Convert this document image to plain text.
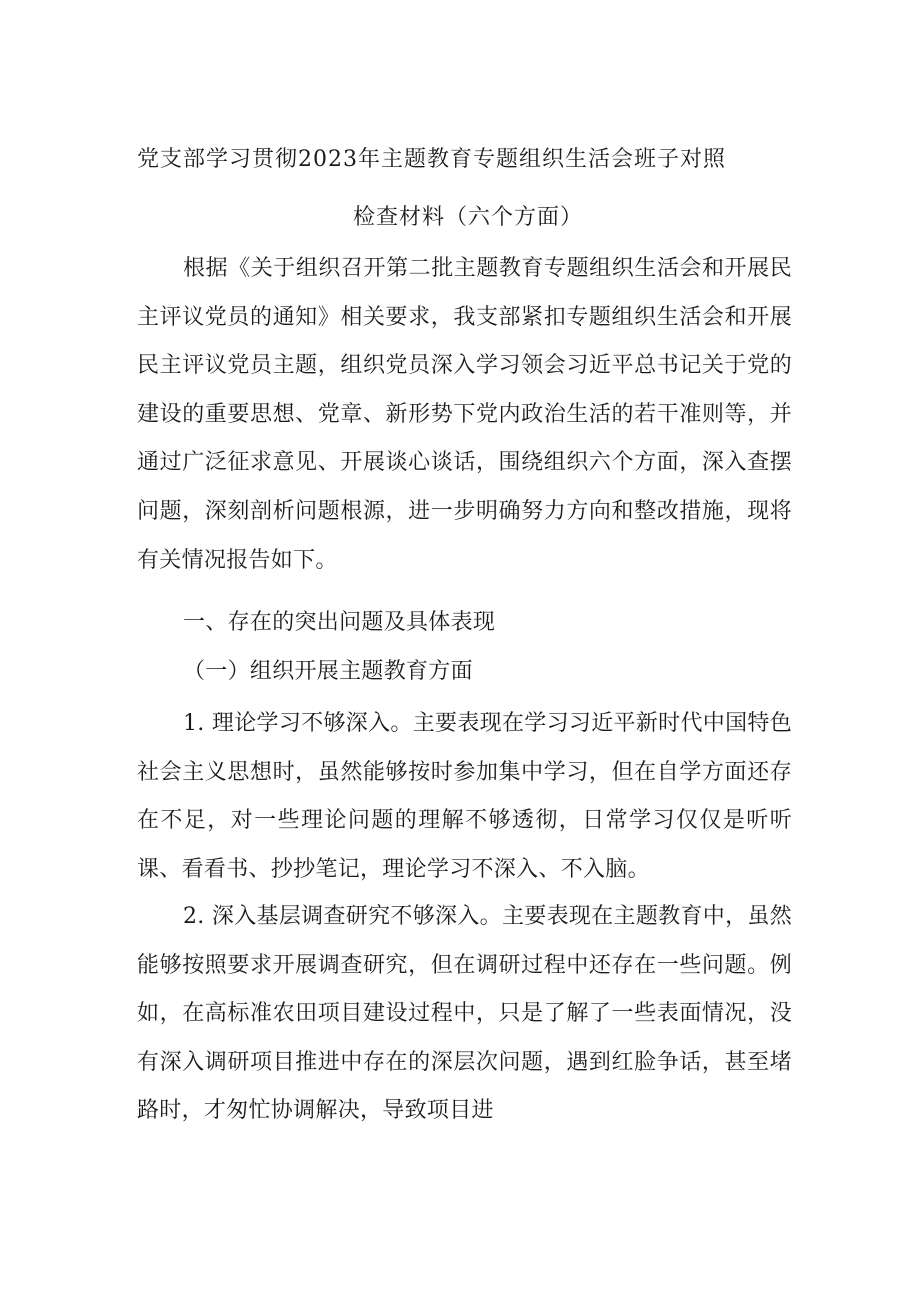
党支部学习贯彻2023年主题教育专题组织生活会班子对照
检查材料（六个方面）
根据《关于组织召开第二批主题教育专题组织生活会和开展民主评议党员的通知》相关要求，我支部紧扣专题组织生活会和开展民主评议党员主题，组织党员深入学习领会习近平总书记关于党的建设的重要思想、党章、新形势下党内政治生活的若干准则等，并通过广泛征求意见、开展谈心谈话，围绕组织六个方面，深入查摆问题，深刻剖析问题根源，进一步明确努力方向和整改措施，现将有关情况报告如下。
一、存在的突出问题及具体表现
（一）组织开展主题教育方面
1. 理论学习不够深入。主要表现在学习习近平新时代中国特色社会主义思想时，虽然能够按时参加集中学习，但在自学方面还存在不足，对一些理论问题的理解不够透彻，日常学习仅仅是听听课、看看书、抄抄笔记，理论学习不深入、不入脑。
2. 深入基层调查研究不够深入。主要表现在主题教育中，虽然能够按照要求开展调查研究，但在调研过程中还存在一些问题。例如，在高标准农田项目建设过程中，只是了解了一些表面情况，没有深入调研项目推进中存在的深层次问题，遇到红脸争话，甚至堵路时，才匆忙协调解决，导致项目进
